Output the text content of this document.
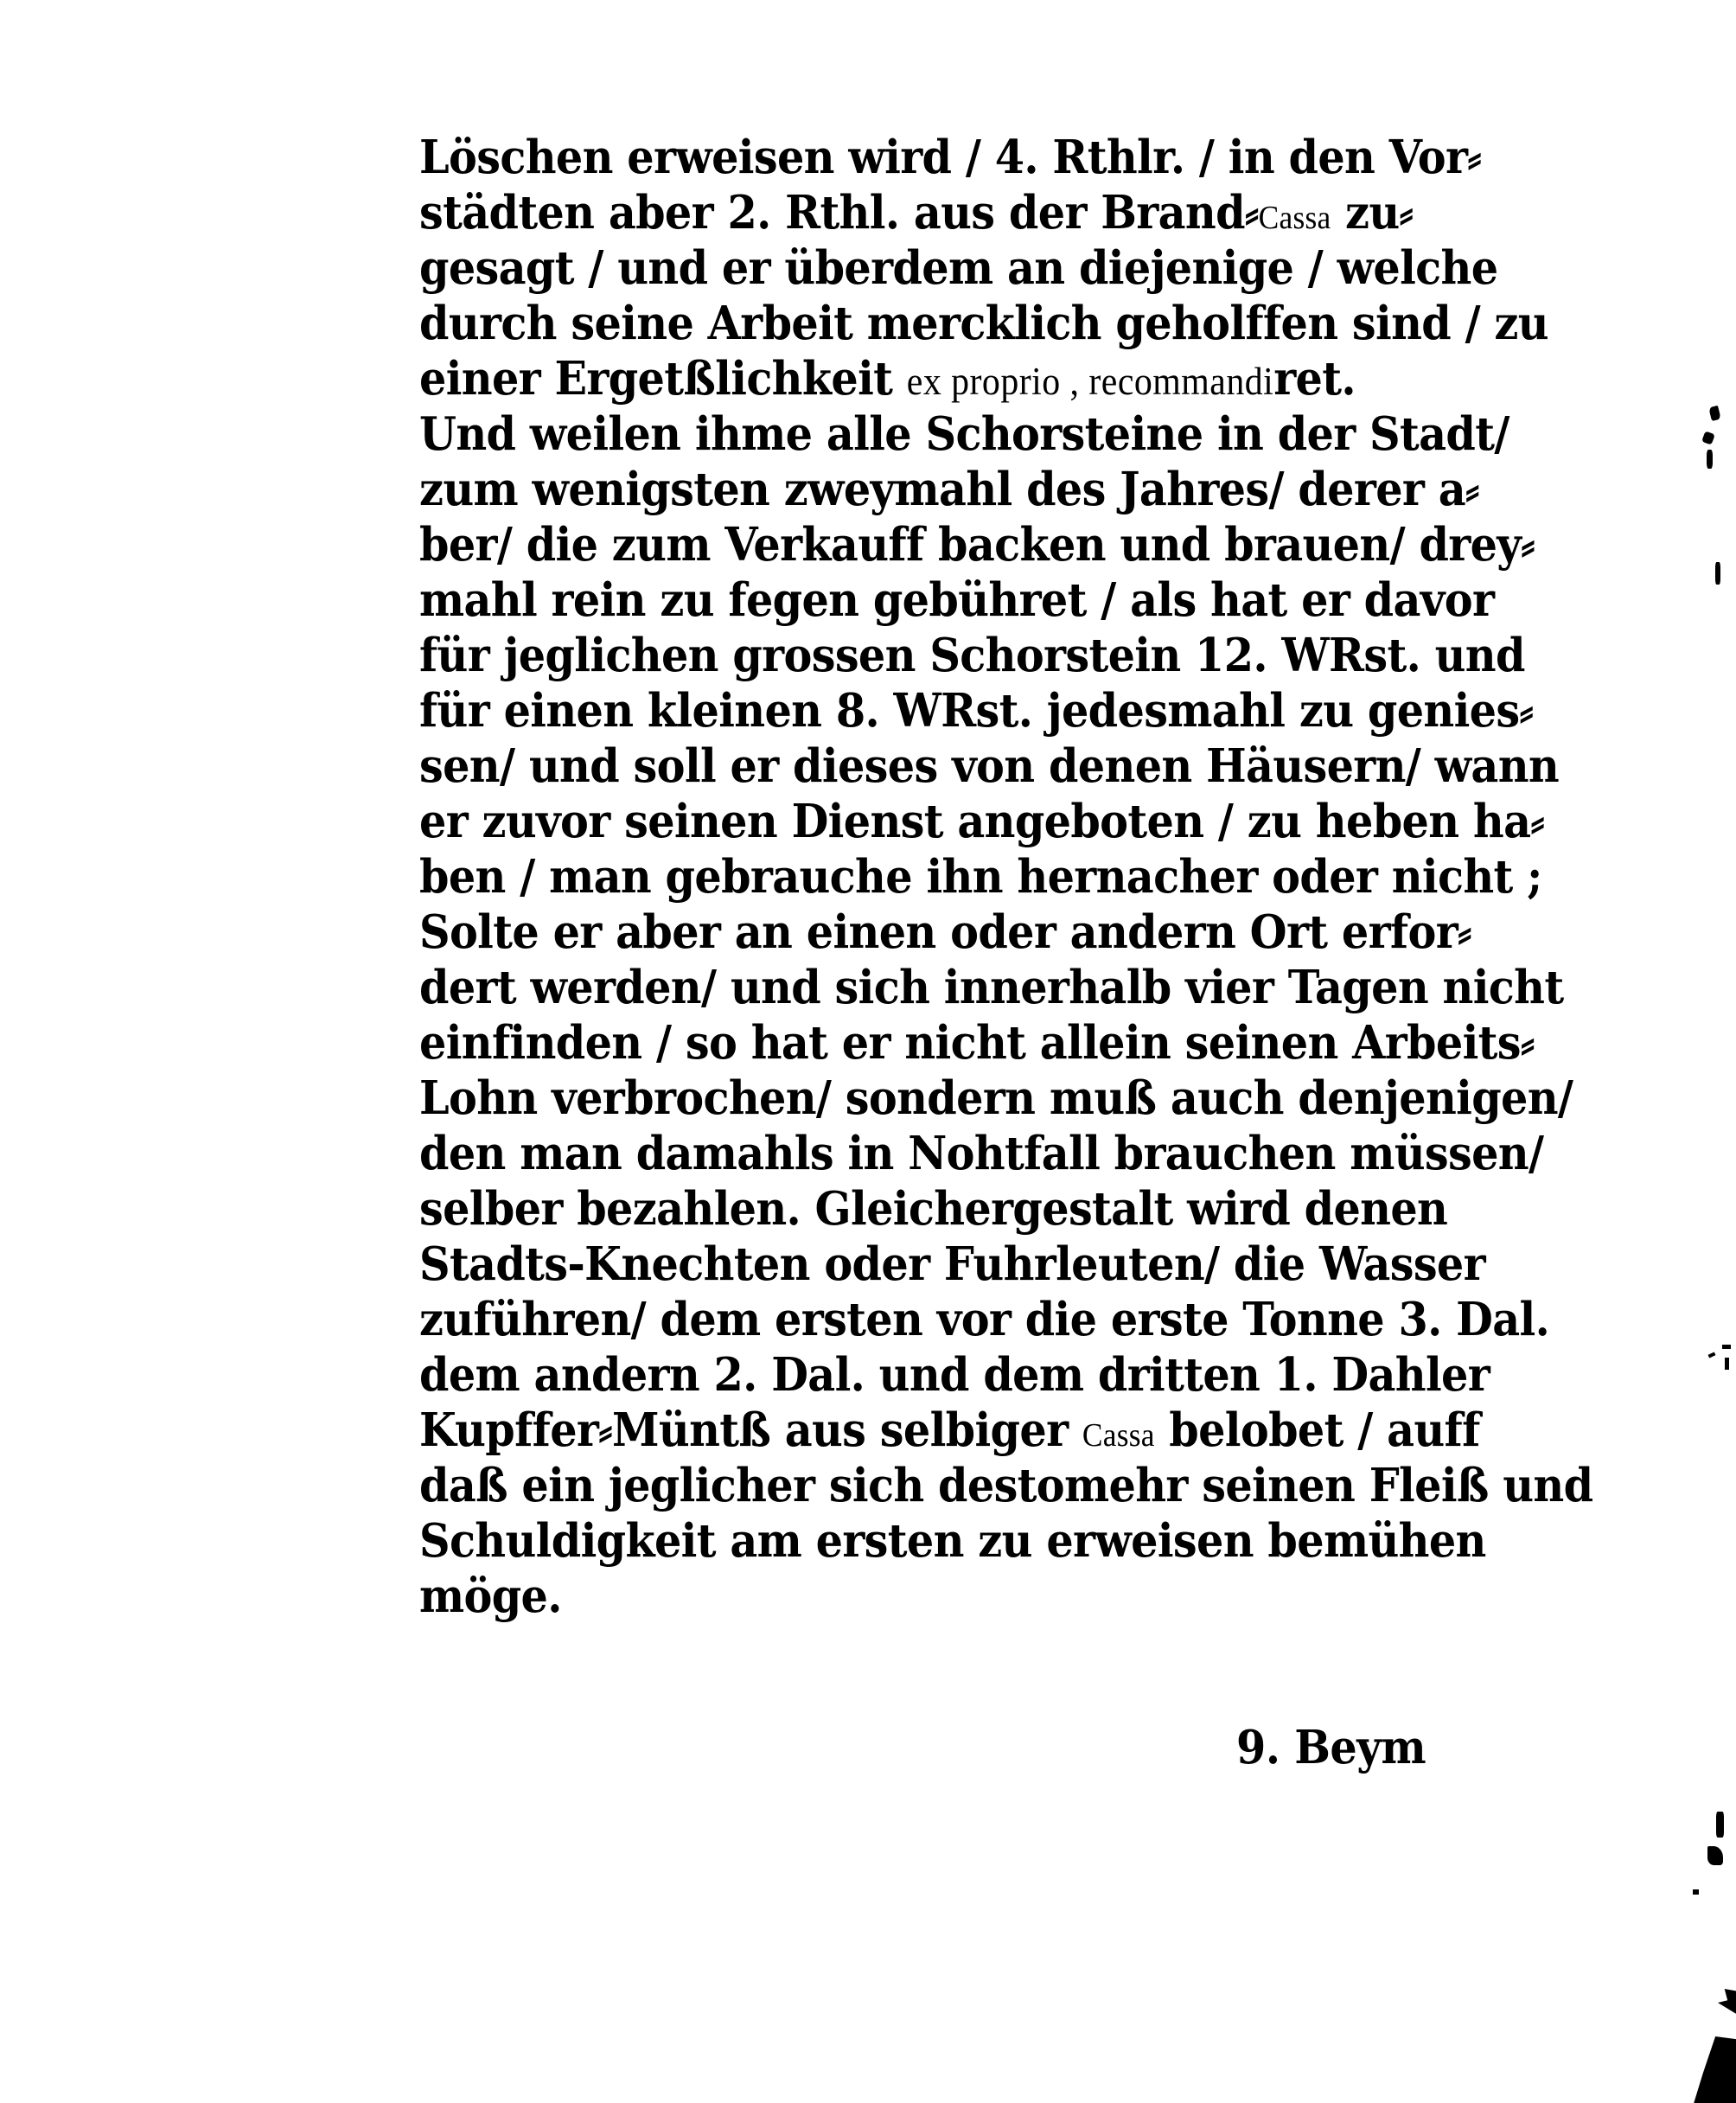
Löschen erweisen wird / 4. Rthlr. / in den Vor⸗
städten aber 2. Rthl. aus der Brand⸗Cassa zu⸗
gesagt / und er überdem an diejenige / welche
durch seine Arbeit mercklich geholffen sind / zu
einer Ergetßlichkeit ex proprio , recommandiret.
Und weilen ihme alle Schorsteine in der Stadt/
zum wenigsten zweymahl des Jahres/ derer a⸗
ber/ die zum Verkauff backen und brauen/ drey⸗
mahl rein zu fegen gebühret / als hat er davor
für jeglichen grossen Schorstein 12. WRst. und
für einen kleinen 8. WRst. jedesmahl zu genies⸗
sen/ und soll er dieses von denen Häusern/ wann
er zuvor seinen Dienst angeboten / zu heben ha⸗
ben / man gebrauche ihn hernacher oder nicht ;
Solte er aber an einen oder andern Ort erfor⸗
dert werden/ und sich innerhalb vier Tagen nicht
einfinden / so hat er nicht allein seinen Arbeits⸗
Lohn verbrochen/ sondern muß auch denjenigen/
den man damahls in Nohtfall brauchen müssen/
selber bezahlen. Gleichergestalt wird denen
Stadts-Knechten oder Fuhrleuten/ die Wasser
zuführen/ dem ersten vor die erste Tonne 3. Dal.
dem andern 2. Dal. und dem dritten 1. Dahler
Kupffer⸗Müntß aus selbiger Cassa belobet / auff
daß ein jeglicher sich destomehr seinen Fleiß und
Schuldigkeit am ersten zu erweisen bemühen
möge.
9. Beym
